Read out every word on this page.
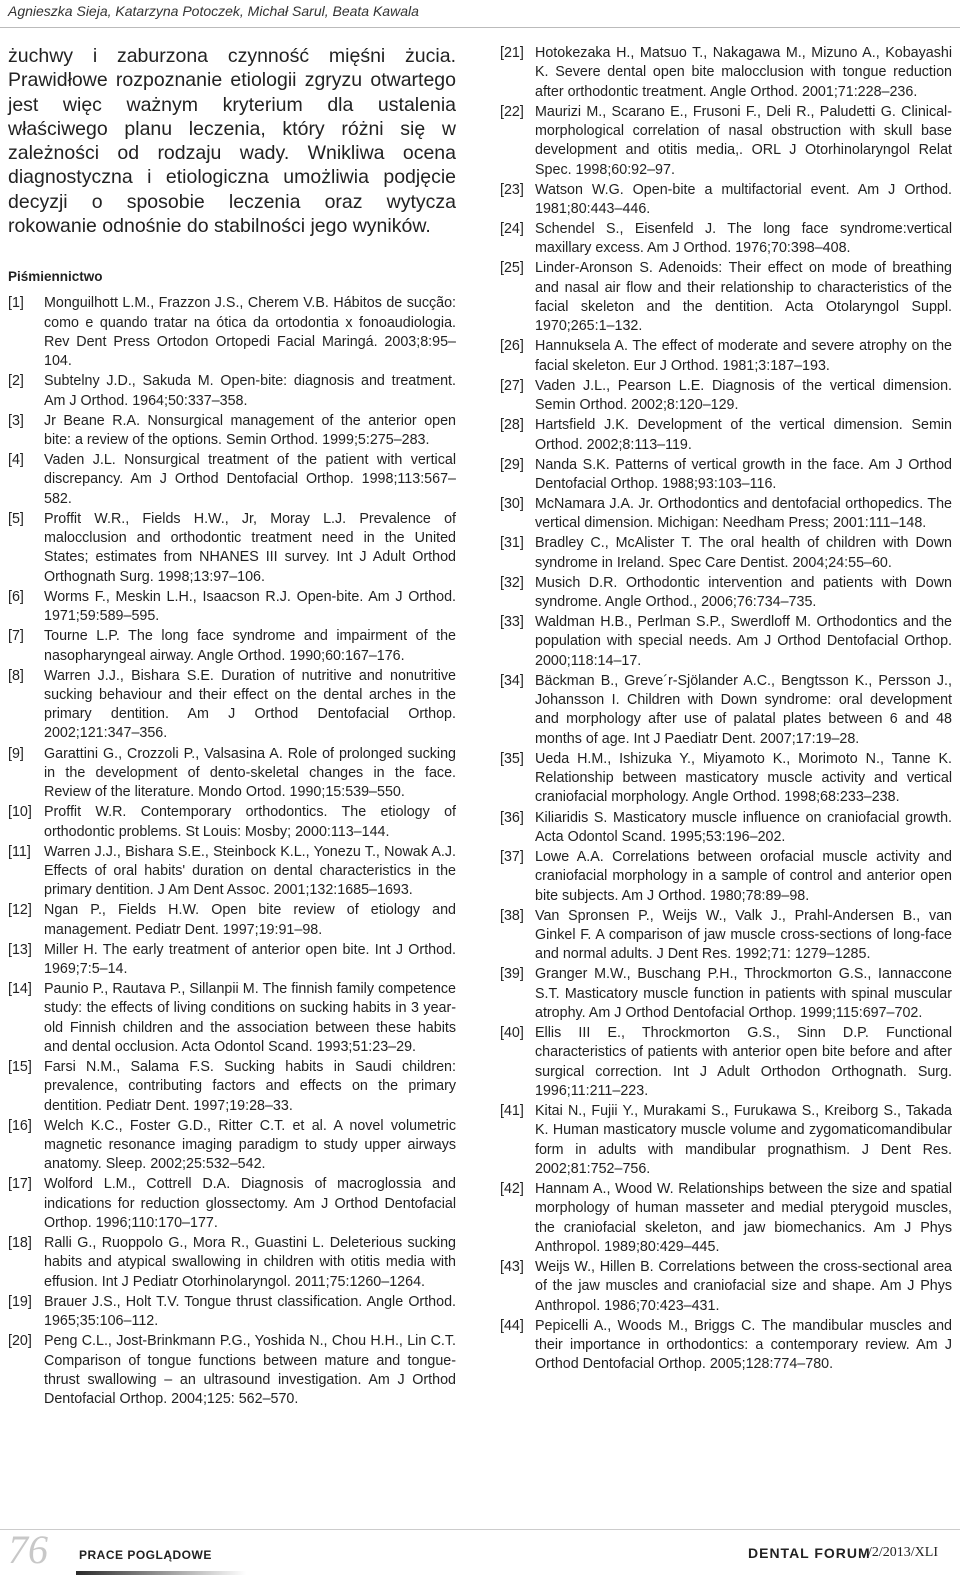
Agnieszka Sieja, Katarzyna Potoczek, Michał Sarul, Beata Kawala

żuchwy i zaburzona czynność mięśni żucia. Prawidłowe rozpoznanie etiologii zgryzu otwartego jest więc ważnym kryterium dla ustalenia właściwego planu leczenia, który różni się w zależności od rodzaju wady. Wnikliwa ocena diagnostyczna i etiologiczna umożliwia podjęcie decyzji o sposobie leczenia oraz wytycza rokowanie odnośnie do stabilności jego wyników.

Piśmiennictwo
[1]	Monguilhott L.M., Frazzon J.S., Cherem V.B. Hábitos de sucção: como e quando tratar na ótica da ortodontia x fonoaudiologia. Rev Dent Press Ortodon Ortopedi Facial Maringá. 2003;8:95–104.
[2]	Subtelny J.D., Sakuda M. Open-bite: diagnosis and treatment. Am J Orthod. 1964;50:337–358.
[3]	Jr Beane R.A. Nonsurgical management of the anterior open bite: a review of the options. Semin Orthod. 1999;5:275–283.
[4]	Vaden J.L. Nonsurgical treatment of the patient with vertical discrepancy. Am J Orthod Dentofacial Orthop. 1998;113:567–582.
[5]	Proffit W.R., Fields H.W., Jr, Moray L.J. Prevalence of malocclusion and orthodontic treatment need in the United States; estimates from NHANES III survey. Int J Adult Orthod Orthognath Surg. 1998;13:97–106.
[6]	Worms F., Meskin L.H., Isaacson R.J. Open-bite. Am J Orthod. 1971;59:589–595.
[7]	Tourne L.P. The long face syndrome and impairment of the nasopharyngeal airway. Angle Orthod. 1990;60:167–176.
[8]	Warren J.J., Bishara S.E. Duration of nutritive and nonutritive sucking behaviour and their effect on the dental arches in the primary dentition. Am J Orthod Dentofacial Orthop. 2002;121:347–356.
[9]	Garattini G., Crozzoli P., Valsasina A. Role of prolonged sucking in the development of dento-skeletal changes in the face. Review of the literature. Mondo Ortod. 1990;15:539–550.
[10] Proffit W.R. Contemporary orthodontics. The etiology of orthodontic problems. St Louis: Mosby; 2000:113–144.
[11] Warren J.J., Bishara S.E., Steinbock K.L., Yonezu T., Nowak A.J. Effects of oral habits' duration on dental characteristics in the primary dentition. J Am Dent Assoc. 2001;132:1685–1693.
[12] Ngan P., Fields H.W. Open bite review of etiology and management. Pediatr Dent. 1997;19:91–98.
[13] Miller H. The early treatment of anterior open bite. Int J Orthod. 1969;7:5–14.
[14] Paunio P., Rautava P., Sillanpii M. The finnish family competence study: the effects of living conditions on sucking habits in 3 year-old Finnish children and the association between these habits and dental occlusion. Acta Odontol Scand. 1993;51:23–29.
[15] Farsi N.M., Salama F.S. Sucking habits in Saudi children: prevalence, contributing factors and effects on the primary dentition. Pediatr Dent. 1997;19:28–33.
[16] Welch K.C., Foster G.D., Ritter C.T. et al. A novel volumetric magnetic resonance imaging paradigm to study upper airways anatomy. Sleep. 2002;25:532–542.
[17] Wolford L.M., Cottrell D.A. Diagnosis of macroglossia and indications for reduction glossectomy. Am J Orthod Dentofacial Orthop. 1996;110:170–177.
[18] Ralli G., Ruoppolo G., Mora R., Guastini L. Deleterious sucking habits and atypical swallowing in children with otitis media with effusion. Int J Pediatr Otorhinolaryngol. 2011;75:1260–1264.
[19] Brauer J.S., Holt T.V. Tongue thrust classification. Angle Orthod. 1965;35:106–112.
[20] Peng C.L., Jost-Brinkmann P.G., Yoshida N., Chou H.H., Lin C.T. Comparison of tongue functions between mature and tongue-thrust swallowing – an ultrasound investigation. Am J Orthod Dentofacial Orthop. 2004;125: 562–570.
[21] Hotokezaka H., Matsuo T., Nakagawa M., Mizuno A., Kobayashi K. Severe dental open bite malocclusion with tongue reduction after orthodontic treatment. Angle Orthod. 2001;71:228–236.
[22] Maurizi M., Scarano E., Frusoni F., Deli R., Paludetti G. Clinical-morphological correlation of nasal obstruction with skull base development and otitis media,. ORL J Otorhinolaryngol Relat Spec. 1998;60:92–97.
[23] Watson W.G. Open-bite a multifactorial event. Am J Orthod. 1981;80:443–446.
[24] Schendel S., Eisenfeld J. The long face syndrome:vertical maxillary excess. Am J Orthod. 1976;70:398–408.
[25] Linder-Aronson S. Adenoids: Their effect on mode of breathing and nasal air flow and their relationship to characteristics of the facial skeleton and the dentition. Acta Otolaryngol Suppl. 1970;265:1–132.
[26] Hannuksela A. The effect of moderate and severe atrophy on the facial skeleton. Eur J Orthod. 1981;3:187–193.
[27] Vaden J.L., Pearson L.E. Diagnosis of the vertical dimension. Semin Orthod. 2002;8:120–129.
[28] Hartsfield J.K. Development of the vertical dimension. Semin Orthod. 2002;8:113–119.
[29] Nanda S.K. Patterns of vertical growth in the face. Am J Orthod Dentofacial Orthop. 1988;93:103–116.
[30] McNamara J.A. Jr. Orthodontics and dentofacial orthopedics. The vertical dimension. Michigan: Needham Press; 2001:111–148.
[31] Bradley C., McAlister T. The oral health of children with Down syndrome in Ireland. Spec Care Dentist. 2004;24:55–60.
[32] Musich D.R. Orthodontic intervention and patients with Down syndrome. Angle Orthod., 2006;76:734–735.
[33] Waldman H.B., Perlman S.P., Swerdloff M. Orthodontics and the population with special needs. Am J Orthod Dentofacial Orthop. 2000;118:14–17.
[34] Bäckman B., Greve´r-Sjölander A.C., Bengtsson K., Persson J., Johansson I. Children with Down syndrome: oral development and morphology after use of palatal plates between 6 and 48 months of age. Int J Paediatr Dent. 2007;17:19–28.
[35] Ueda H.M., Ishizuka Y., Miyamoto K., Morimoto N., Tanne K. Relationship between masticatory muscle activity and vertical craniofacial morphology. Angle Orthod. 1998;68:233–238.
[36] Kiliaridis S. Masticatory muscle influence on craniofacial growth. Acta Odontol Scand. 1995;53:196–202.
[37] Lowe A.A. Correlations between orofacial muscle activity and craniofacial morphology in a sample of control and anterior open bite subjects. Am J Orthod. 1980;78:89–98.
[38] Van Spronsen P., Weijs W., Valk J., Prahl-Andersen B., van Ginkel F. A comparison of jaw muscle cross-sections of long-face and normal adults. J Dent Res. 1992;71: 1279–1285.
[39] Granger M.W., Buschang P.H., Throckmorton G.S., Iannaccone S.T. Masticatory muscle function in patients with spinal muscular atrophy. Am J Orthod Dentofacial Orthop. 1999;115:697–702.
[40] Ellis III E., Throckmorton G.S., Sinn D.P. Functional characteristics of patients with anterior open bite before and after surgical correction. Int J Adult Orthodon Orthognath. Surg. 1996;11:211–223.
[41] Kitai N., Fujii Y., Murakami S., Furukawa S., Kreiborg S., Takada K. Human masticatory muscle volume and zygomaticomandibular form in adults with mandibular prognathism. J Dent Res. 2002;81:752–756.
[42] Hannam A., Wood W. Relationships between the size and spatial morphology of human masseter and medial pterygoid muscles, the craniofacial skeleton, and jaw biomechanics. Am J Phys Anthropol. 1989;80:429–445.
[43] Weijs W., Hillen B. Correlations between the cross-sectional area of the jaw muscles and craniofacial size and shape. Am J Phys Anthropol. 1986;70:423–431.
[44] Pepicelli A., Woods M., Briggs C. The mandibular muscles and their importance in orthodontics: a contemporary review. Am J Orthod Dentofacial Orthop. 2005;128:774–780.
76	PRACE POGLĄDOWE	DENTAL FORUM
/2/2013/XLI
